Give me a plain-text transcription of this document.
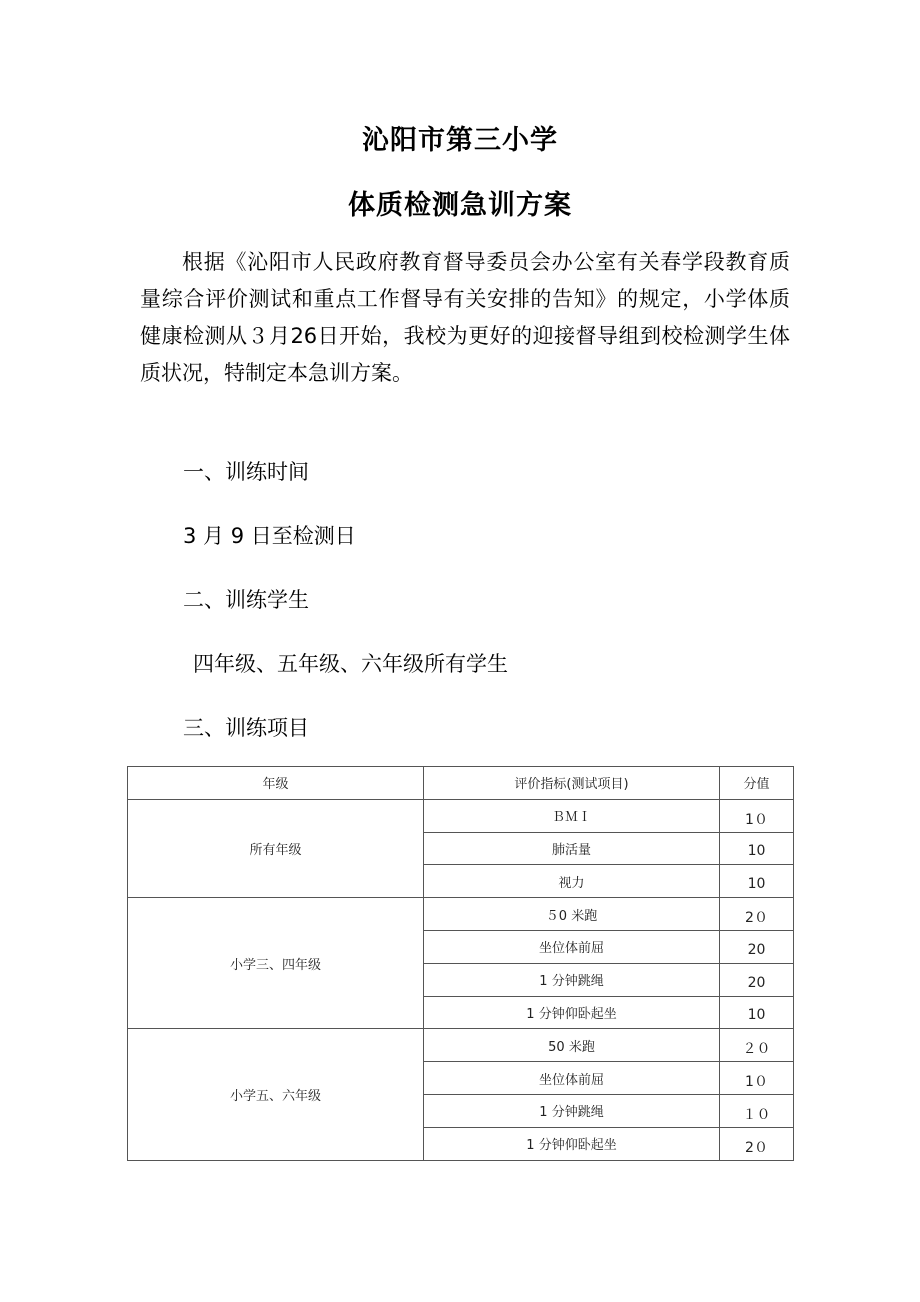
沁阳市第三小学
体质检测急训方案

根据《沁阳市人民政府教育督导委员会办公室有关春学段教育质量综合评价测试和重点工作督导有关安排的告知》的规定，小学体质健康检测从３月26日开始，我校为更好的迎接督导组到校检测学生体质状况，特制定本急训方案。

一、训练时间
3 月 9 日至检测日
二、训练学生
四年级、五年级、六年级所有学生
三、训练项目
年级	评价指标(测试项目)	分值
所有年级	ＢＭＩ	1０
	肺活量	10
	视力	10
小学三、四年级	５0 米跑	2０
	坐位体前屈	20
	1 分钟跳绳	20
	1 分钟仰卧起坐	10
小学五、六年级	50 米跑	２０
	坐位体前屈	1０
	1 分钟跳绳	１０
	1 分钟仰卧起坐	2０
